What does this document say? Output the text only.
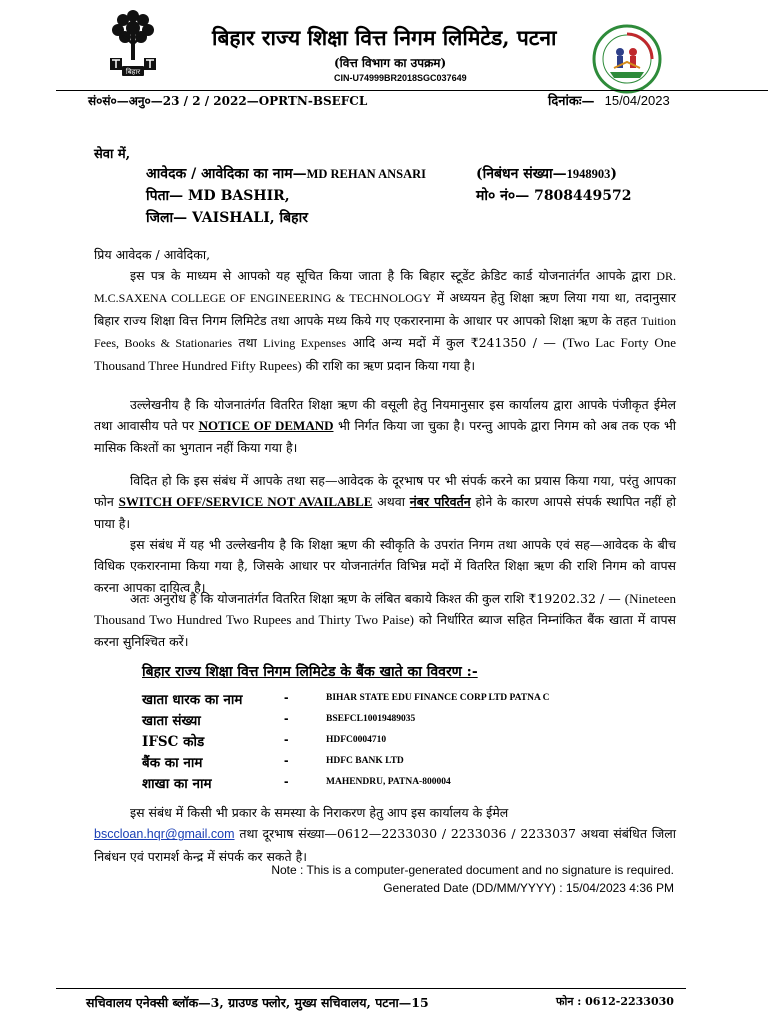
बिहार
बिहार राज्य शिक्षा वित्त निगम लिमिटेड, पटना
(वित्त विभाग का उपक्रम)
CIN-U74999BR2018SGC037649
सं०सं०—अनु०—23 / 2 / 2022—OPRTN-BSEFCL	दिनांकः— 15/04/2023
सेवा में,
आवेदक / आवेदिका का नाम—MD REHAN ANSARI	(निबंधन संख्या—1948903)
पिता— MD BASHIR,	मो० नं०— 7808449572
जिला— VAISHALI, बिहार
प्रिय आवेदक / आवेदिका,
इस पत्र के माध्यम से आपको यह सूचित किया जाता है कि बिहार स्टूडेंट क्रेडिट कार्ड योजनातंर्गत आपके द्वारा DR. M.C.SAXENA COLLEGE OF ENGINEERING & TECHNOLOGY में अध्ययन हेतु शिक्षा ऋण लिया गया था, तदानुसार बिहार राज्य शिक्षा वित्त निगम लिमिटेड तथा आपके मध्य किये गए एकरारनामा के आधार पर आपको शिक्षा ऋण के तहत Tuition Fees, Books & Stationaries तथा Living Expenses आदि अन्य मदों में कुल ₹241350 / — (Two Lac Forty One Thousand Three Hundred Fifty Rupees) की राशि का ऋण प्रदान किया गया है।
उल्लेखनीय है कि योजनातंर्गत वितरित शिक्षा ऋण की वसूली हेतु नियमानुसार इस कार्यालय द्वारा आपके पंजीकृत ईमेल तथा आवासीय पते पर NOTICE OF DEMAND भी निर्गत किया जा चुका है। परन्तु आपके द्वारा निगम को अब तक एक भी मासिक किश्तों का भुगतान नहीं किया गया है।
विदित हो कि इस संबंध में आपके तथा सह—आवेदक के दूरभाष पर भी संपर्क करने का प्रयास किया गया, परंतु आपका फोन SWITCH OFF/SERVICE NOT AVAILABLE अथवा नंबर परिवर्तन होने के कारण आपसे संपर्क स्थापित नहीं हो पाया है।
इस संबंध में यह भी उल्लेखनीय है कि शिक्षा ऋण की स्वीकृति के उपरांत निगम तथा आपके एवं सह—आवेदक के बीच विधिक एकरारनामा किया गया है, जिसके आधार पर योजनातंर्गत विभिन्न मदों में वितरित शिक्षा ऋण की राशि निगम को वापस करना आपका दायित्व है।
अतः अनुरोध है कि योजनातंर्गत वितरित शिक्षा ऋण के लंबित बकाये किश्त की कुल राशि ₹19202.32 / — (Nineteen Thousand Two Hundred Two Rupees and Thirty Two Paise) को निर्धारित ब्याज सहित निम्नांकित बैंक खाता में वापस करना सुनिश्चित करें।
बिहार राज्य शिक्षा वित्त निगम लिमिटेड के बैंक खाते का विवरण :-
खाता धारक का नाम	-	BIHAR STATE EDU FINANCE CORP LTD PATNA C
खाता संख्या	-	BSEFCL10019489035
IFSC कोड	-	HDFC0004710
बैंक का नाम	-	HDFC BANK LTD
शाखा का नाम	-	MAHENDRU, PATNA-800004
इस संबंध में किसी भी प्रकार के समस्या के निराकरण हेतु आप इस कार्यालय के ईमेल
bsccloan.hqr@gmail.com तथा दूरभाष संख्या—0612—2233030 / 2233036 / 2233037 अथवा संबंधित जिला निबंधन एवं परामर्श केन्द्र में संपर्क कर सकते है।
Note : This is a computer-generated document and no signature is required.
Generated Date (DD/MM/YYYY) : 15/04/2023 4:36 PM
सचिवालय एनेक्सी ब्लॉक—3, ग्राउण्ड फ्लोर, मुख्य सचिवालय, पटना—15	फोन : 0612-2233030
